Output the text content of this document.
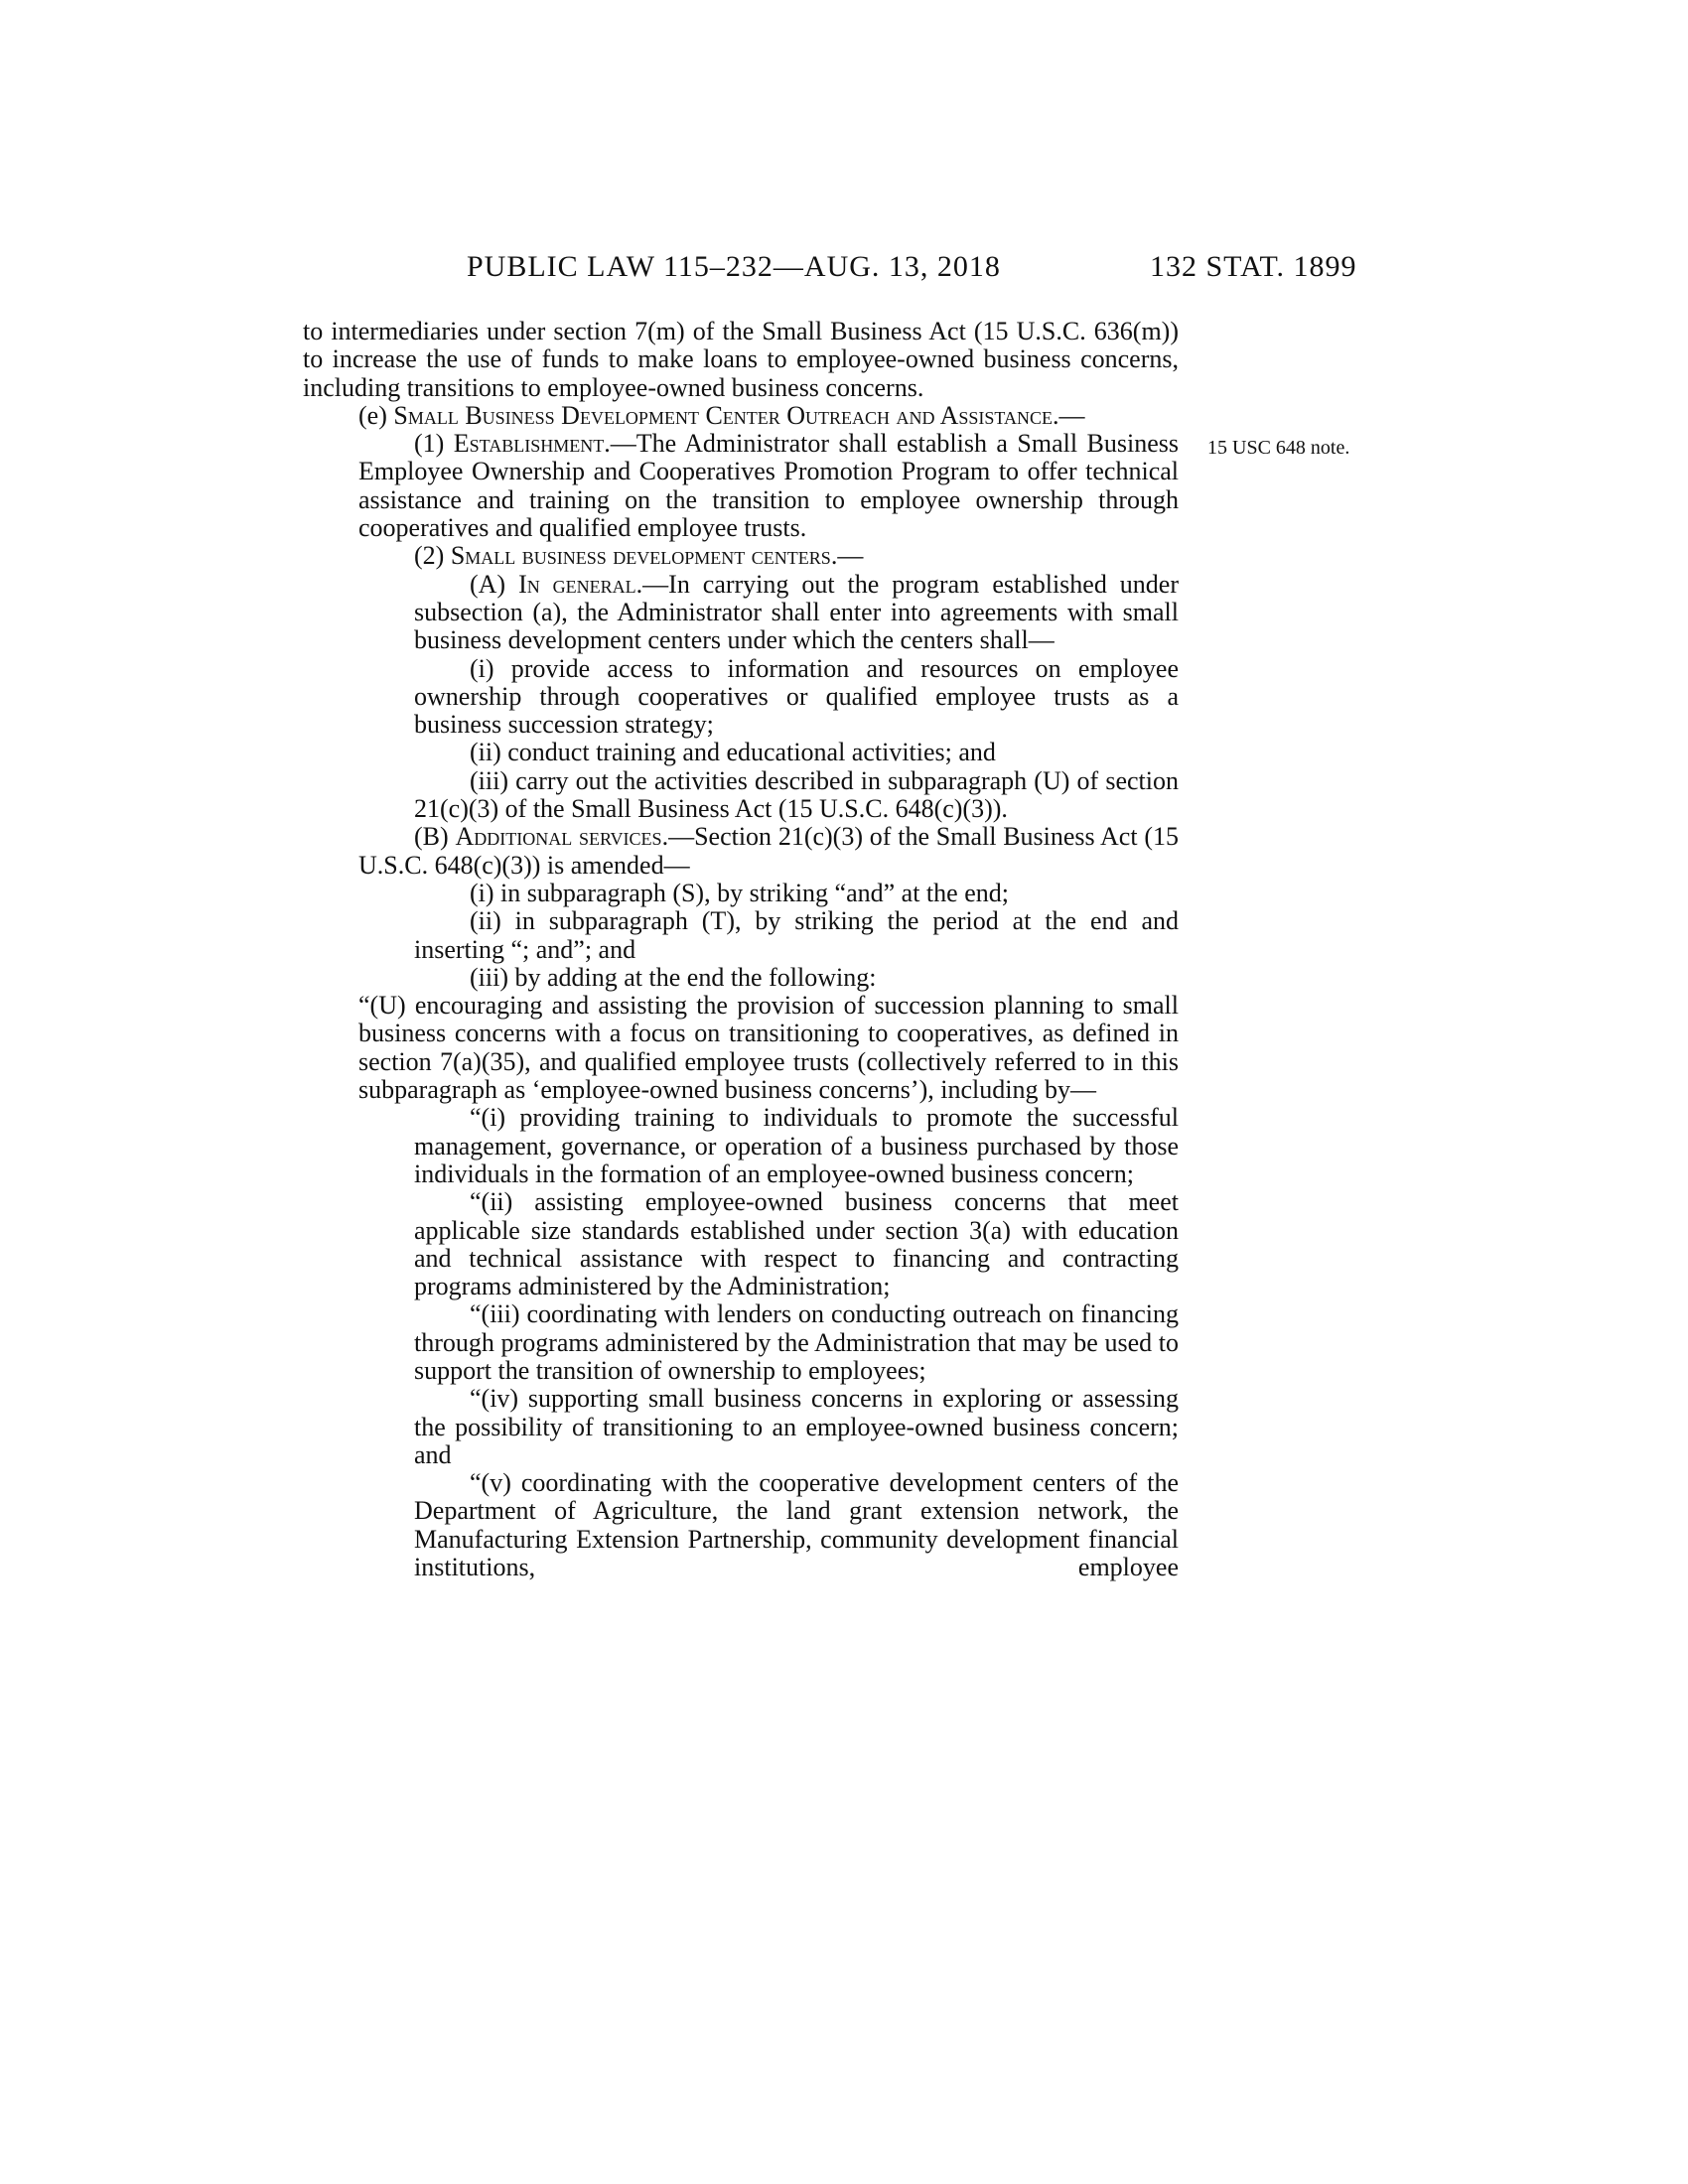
PUBLIC LAW 115–232—AUG. 13, 2018	132 STAT. 1899
15 USC 648 note.

to intermediaries under section 7(m) of the Small Business Act (15 U.S.C. 636(m)) to increase the use of funds to make loans to employee-owned business concerns, including transitions to employee-owned business concerns.

(e) Small Business Development Center Outreach and Assistance.—

(1) Establishment.—The Administrator shall establish a Small Business Employee Ownership and Cooperatives Promotion Program to offer technical assistance and training on the transition to employee ownership through cooperatives and qualified employee trusts.

(2) Small business development centers.—

(A) In general.—In carrying out the program established under subsection (a), the Administrator shall enter into agreements with small business development centers under which the centers shall—

(i) provide access to information and resources on employee ownership through cooperatives or qualified employee trusts as a business succession strategy;

(ii) conduct training and educational activities; and

(iii) carry out the activities described in subparagraph (U) of section 21(c)(3) of the Small Business Act (15 U.S.C. 648(c)(3)).

(B) Additional services.—Section 21(c)(3) of the Small Business Act (15 U.S.C. 648(c)(3)) is amended—

(i) in subparagraph (S), by striking “and” at the end;

(ii) in subparagraph (T), by striking the period at the end and inserting “; and”; and

(iii) by adding at the end the following:

“(U) encouraging and assisting the provision of succession planning to small business concerns with a focus on transitioning to cooperatives, as defined in section 7(a)(35), and qualified employee trusts (collectively referred to in this subparagraph as ‘employee-owned business concerns’), including by—

“(i) providing training to individuals to promote the successful management, governance, or operation of a business purchased by those individuals in the formation of an employee-owned business concern;

“(ii) assisting employee-owned business concerns that meet applicable size standards established under section 3(a) with education and technical assistance with respect to financing and contracting programs administered by the Administration;

“(iii) coordinating with lenders on conducting outreach on financing through programs administered by the Administration that may be used to support the transition of ownership to employees;

“(iv) supporting small business concerns in exploring or assessing the possibility of transitioning to an employee-owned business concern; and

“(v) coordinating with the cooperative development centers of the Department of Agriculture, the land grant extension network, the Manufacturing Extension Partnership, community development financial institutions, employee
